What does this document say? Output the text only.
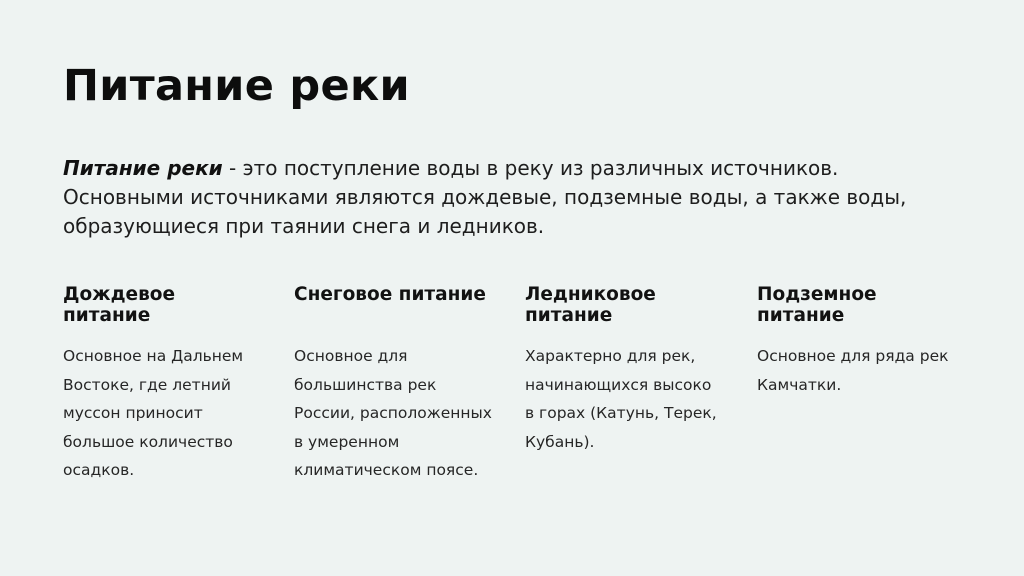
Питание реки

Питание реки - это поступление воды в реку из различных источников. Основными источниками являются дождевые, подземные воды, а также воды, образующиеся при таянии снега и ледников.

Дождевое питание

Основное на Дальнем Востоке, где летний муссон приносит большое количество осадков.

Снеговое питание

Основное для большинства рек России, расположенных в умеренном климатическом поясе.

Ледниковое питание

Характерно для рек, начинающихся высоко в горах (Катунь, Терек, Кубань).

Подземное питание

Основное для ряда рек Камчатки.
